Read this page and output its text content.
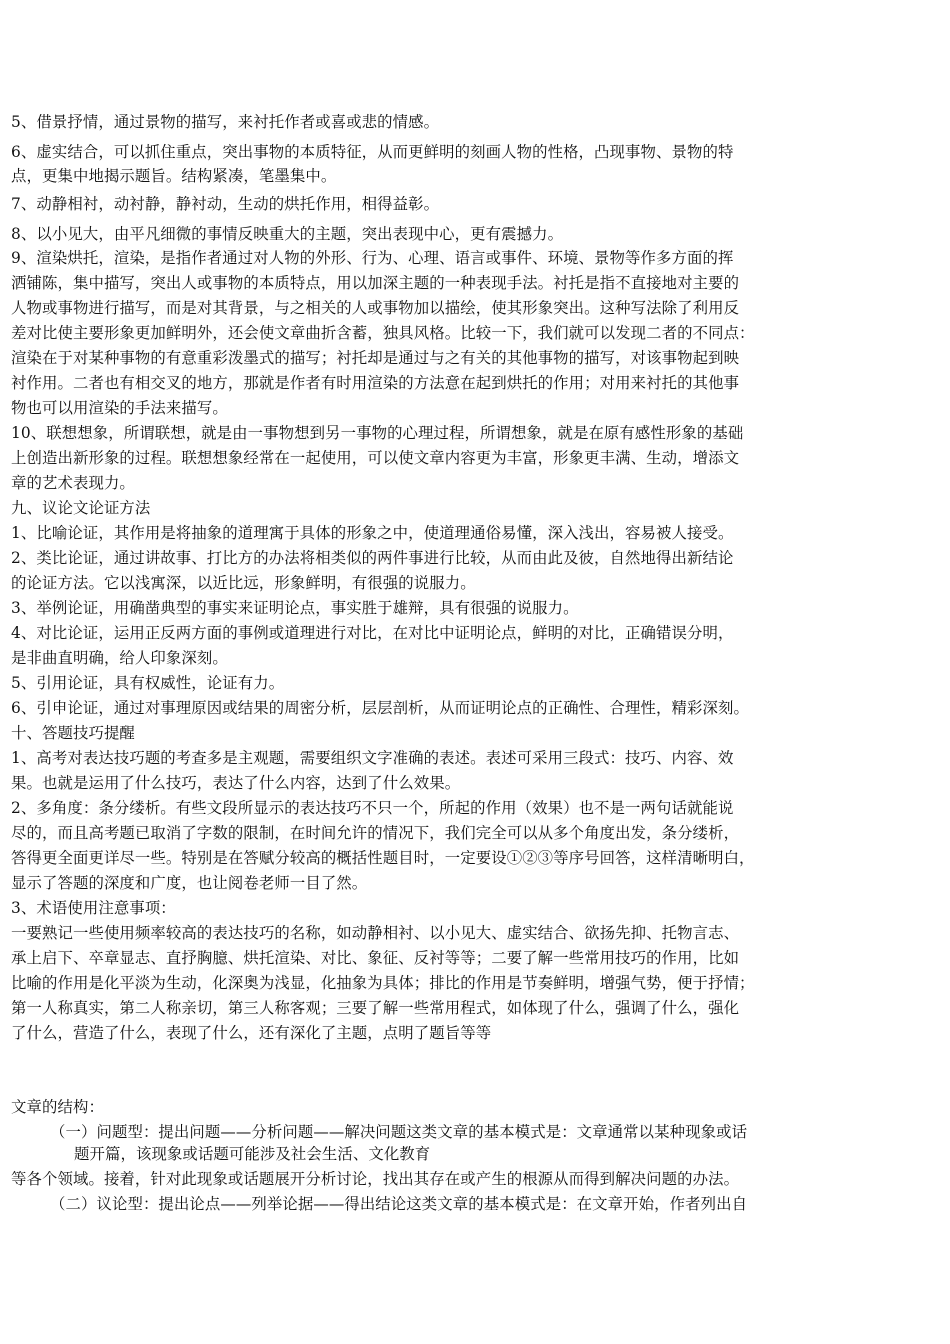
5、借景抒情，通过景物的描写，来衬托作者或喜或悲的情感。
6、虚实结合，可以抓住重点，突出事物的本质特征，从而更鲜明的刻画人物的性格，凸现事物、景物的特
点，更集中地揭示题旨。结构紧凑，笔墨集中。
7、动静相衬，动衬静，静衬动，生动的烘托作用，相得益彰。
8、以小见大，由平凡细微的事情反映重大的主题，突出表现中心，更有震撼力。
9、渲染烘托，渲染，是指作者通过对人物的外形、行为、心理、语言或事件、环境、景物等作多方面的挥
洒铺陈，集中描写，突出人或事物的本质特点，用以加深主题的一种表现手法。衬托是指不直接地对主要的
人物或事物进行描写，而是对其背景，与之相关的人或事物加以描绘，使其形象突出。这种写法除了利用反
差对比使主要形象更加鲜明外，还会使文章曲折含蓄，独具风格。比较一下，我们就可以发现二者的不同点：
渲染在于对某种事物的有意重彩泼墨式的描写；衬托却是通过与之有关的其他事物的描写，对该事物起到映
衬作用。二者也有相交叉的地方，那就是作者有时用渲染的方法意在起到烘托的作用；对用来衬托的其他事
物也可以用渲染的手法来描写。
10、联想想象，所谓联想，就是由一事物想到另一事物的心理过程，所谓想象，就是在原有感性形象的基础
上创造出新形象的过程。联想想象经常在一起使用，可以使文章内容更为丰富，形象更丰满、生动，增添文
章的艺术表现力。
九、议论文论证方法
1、比喻论证，其作用是将抽象的道理寓于具体的形象之中，使道理通俗易懂，深入浅出，容易被人接受。
2、类比论证，通过讲故事、打比方的办法将相类似的两件事进行比较，从而由此及彼，自然地得出新结论
的论证方法。它以浅寓深，以近比远，形象鲜明，有很强的说服力。
3、举例论证，用确凿典型的事实来证明论点，事实胜于雄辩，具有很强的说服力。
4、对比论证，运用正反两方面的事例或道理进行对比，在对比中证明论点，鲜明的对比，正确错误分明，
是非曲直明确，给人印象深刻。
5、引用论证，具有权威性，论证有力。
6、引申论证，通过对事理原因或结果的周密分析，层层剖析，从而证明论点的正确性、合理性，精彩深刻。
十、答题技巧提醒
1、高考对表达技巧题的考查多是主观题，需要组织文字准确的表述。表述可采用三段式：技巧、内容、效
果。也就是运用了什么技巧，表达了什么内容，达到了什么效果。
2、多角度：条分缕析。有些文段所显示的表达技巧不只一个，所起的作用（效果）也不是一两句话就能说
尽的，而且高考题已取消了字数的限制，在时间允许的情况下，我们完全可以从多个角度出发，条分缕析，
答得更全面更详尽一些。特别是在答赋分较高的概括性题目时，一定要设①②③等序号回答，这样清晰明白，
显示了答题的深度和广度，也让阅卷老师一目了然。
3、术语使用注意事项：
一要熟记一些使用频率较高的表达技巧的名称，如动静相衬、以小见大、虚实结合、欲扬先抑、托物言志、
承上启下、卒章显志、直抒胸臆、烘托渲染、对比、象征、反衬等等；二要了解一些常用技巧的作用，比如
比喻的作用是化平淡为生动，化深奥为浅显，化抽象为具体；排比的作用是节奏鲜明，增强气势，便于抒情；
第一人称真实，第二人称亲切，第三人称客观；三要了解一些常用程式，如体现了什么，强调了什么，强化
了什么，营造了什么，表现了什么，还有深化了主题，点明了题旨等等
文章的结构：
（一）问题型：提出问题——分析问题——解决问题这类文章的基本模式是：文章通常以某种现象或话
题开篇，该现象或话题可能涉及社会生活、文化教育
等各个领域。接着，针对此现象或话题展开分析讨论，找出其存在或产生的根源从而得到解决问题的办法。
（二）议论型：提出论点——列举论据——得出结论这类文章的基本模式是：在文章开始，作者列出自
